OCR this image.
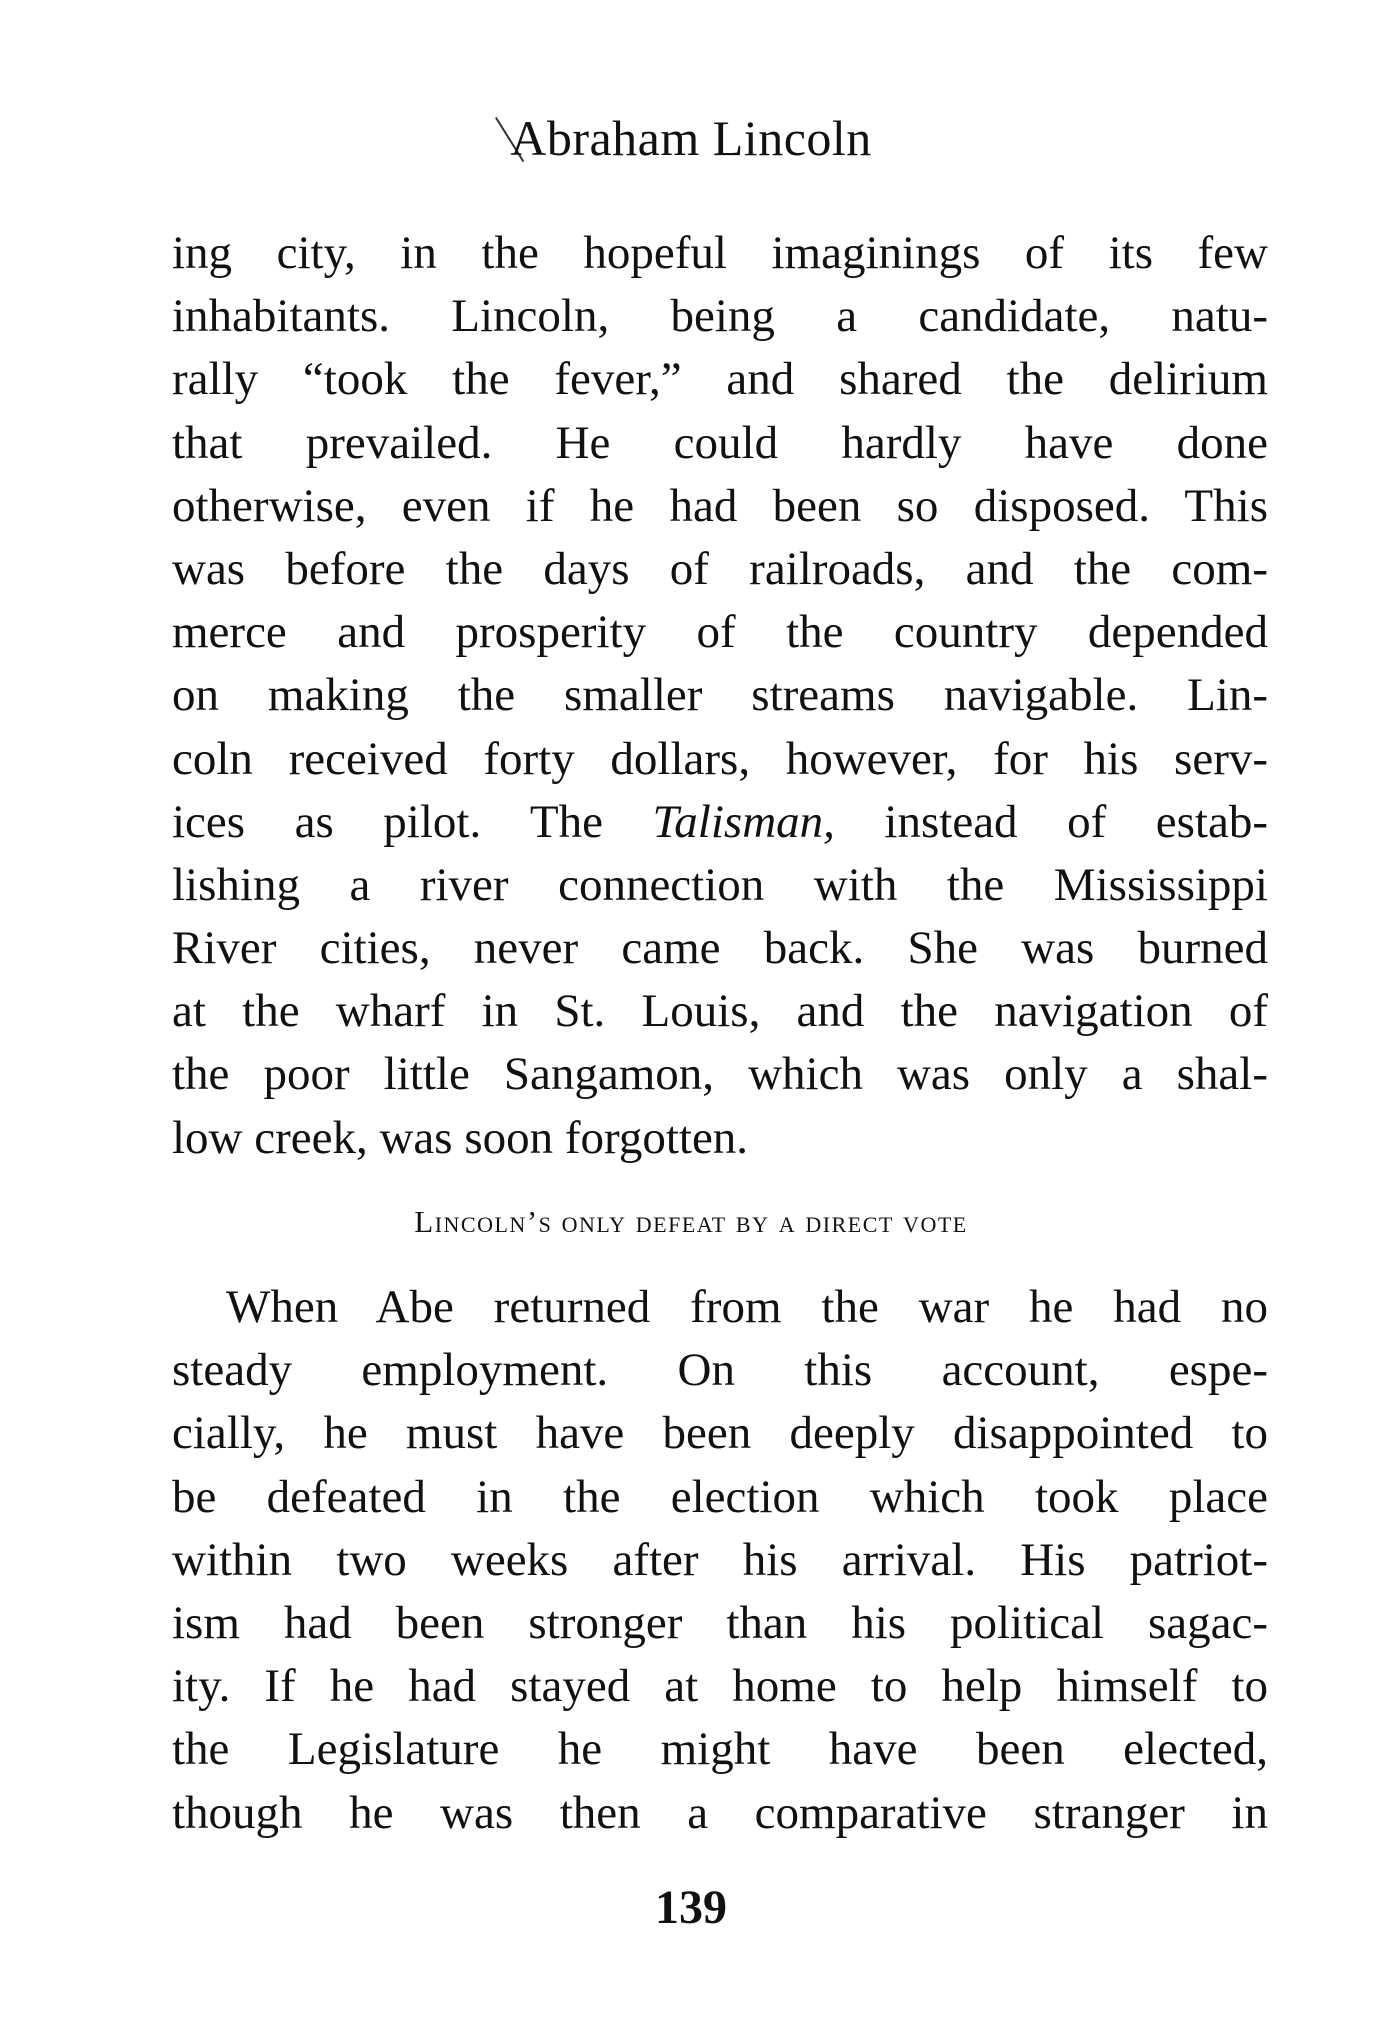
Abraham Lincoln
ing city, in the hopeful imaginings of its few
inhabitants. Lincoln, being a candidate, natu-
rally “took the fever,” and shared the delirium
that prevailed. He could hardly have done
otherwise, even if he had been so disposed. This
was before the days of railroads, and the com-
merce and prosperity of the country depended
on making the smaller streams navigable. Lin-
coln received forty dollars, however, for his serv-
ices as pilot. The Talisman, instead of estab-
lishing a river connection with the Mississippi
River cities, never came back. She was burned
at the wharf in St. Louis, and the navigation of
the poor little Sangamon, which was only a shal-
low creek, was soon forgotten.
Lincoln’s only defeat by a direct vote
When Abe returned from the war he had no
steady employment. On this account, espe-
cially, he must have been deeply disappointed to
be defeated in the election which took place
within two weeks after his arrival. His patriot-
ism had been stronger than his political sagac-
ity. If he had stayed at home to help himself to
the Legislature he might have been elected,
though he was then a comparative stranger in
139
